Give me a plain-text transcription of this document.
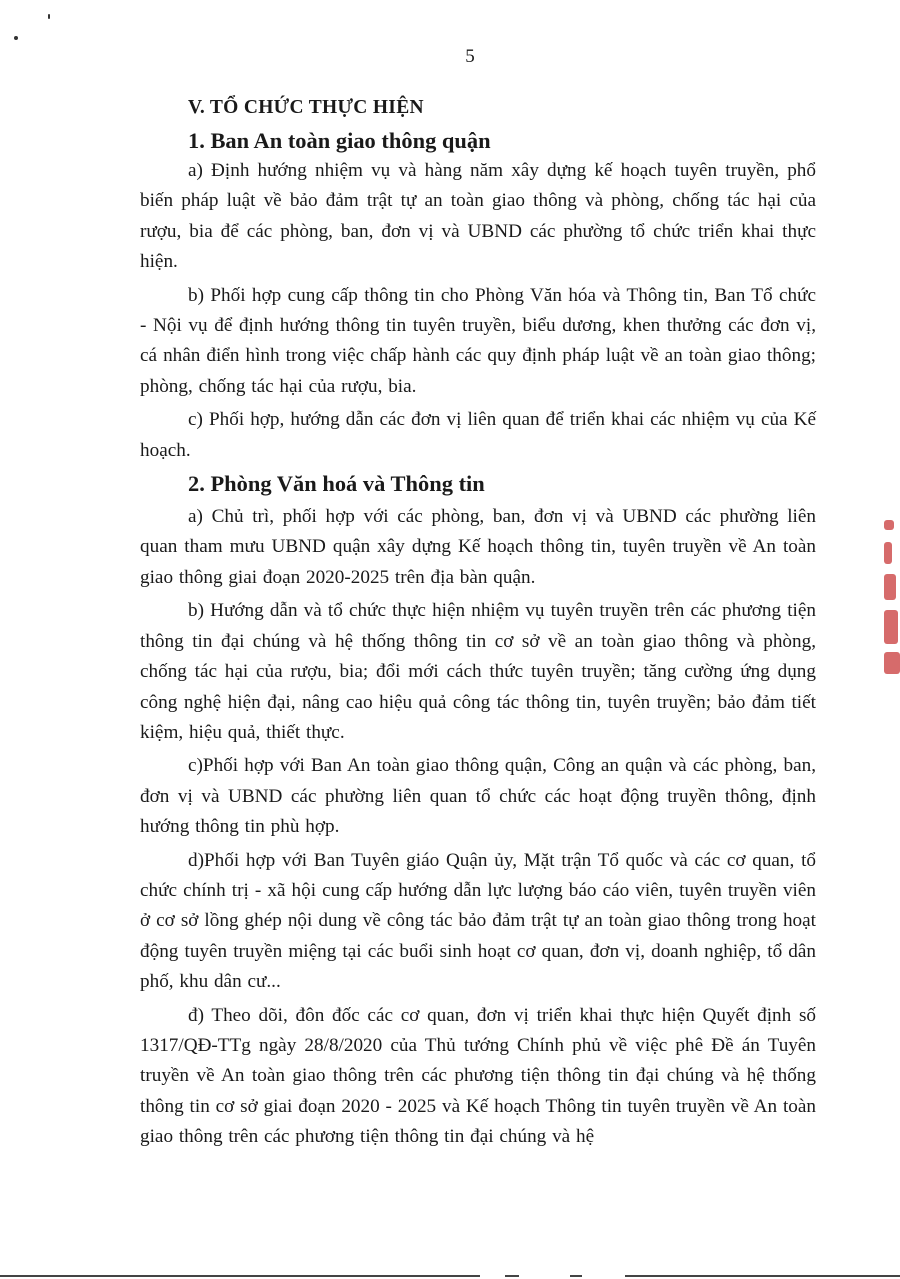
5
V. TỔ CHỨC THỰC HIỆN
1. Ban An toàn giao thông quận

a) Định hướng nhiệm vụ và hàng năm xây dựng kế hoạch tuyên truyền, phổ biến pháp luật về bảo đảm trật tự an toàn giao thông và phòng, chống tác hại của rượu, bia để các phòng, ban, đơn vị và UBND các phường tổ chức triển khai thực hiện.

b) Phối hợp cung cấp thông tin cho Phòng Văn hóa và Thông tin, Ban Tổ chức - Nội vụ để định hướng thông tin tuyên truyền, biểu dương, khen thưởng các đơn vị, cá nhân điển hình trong việc chấp hành các quy định pháp luật về an toàn giao thông; phòng, chống tác hại của rượu, bia.

c) Phối hợp, hướng dẫn các đơn vị liên quan để triển khai các nhiệm vụ của Kế hoạch.

2. Phòng Văn hoá và Thông tin

a) Chủ trì, phối hợp với các phòng, ban, đơn vị và UBND các phường liên quan tham mưu UBND quận xây dựng Kế hoạch thông tin, tuyên truyền về An toàn giao thông giai đoạn 2020-2025 trên địa bàn quận.

b) Hướng dẫn và tổ chức thực hiện nhiệm vụ tuyên truyền trên các phương tiện thông tin đại chúng và hệ thống thông tin cơ sở về an toàn giao thông và phòng, chống tác hại của rượu, bia; đổi mới cách thức tuyên truyền; tăng cường ứng dụng công nghệ hiện đại, nâng cao hiệu quả công tác thông tin, tuyên truyền; bảo đảm tiết kiệm, hiệu quả, thiết thực.

c)Phối hợp với Ban An toàn giao thông quận, Công an quận và các phòng, ban, đơn vị và UBND các phường liên quan tổ chức các hoạt động truyền thông, định hướng thông tin phù hợp.

d)Phối hợp với Ban Tuyên giáo Quận ủy, Mặt trận Tổ quốc và các cơ quan, tổ chức chính trị - xã hội cung cấp hướng dẫn lực lượng báo cáo viên, tuyên truyền viên ở cơ sở lồng ghép nội dung về công tác bảo đảm trật tự an toàn giao thông trong hoạt động tuyên truyền miệng tại các buổi sinh hoạt cơ quan, đơn vị, doanh nghiệp, tổ dân phố, khu dân cư...

đ) Theo dõi, đôn đốc các cơ quan, đơn vị triển khai thực hiện Quyết định số 1317/QĐ-TTg ngày 28/8/2020 của Thủ tướng Chính phủ về việc phê Đề án Tuyên truyền về An toàn giao thông trên các phương tiện thông tin đại chúng và hệ thống thông tin cơ sở giai đoạn 2020 - 2025 và Kế hoạch Thông tin tuyên truyền về An toàn giao thông trên các phương tiện thông tin đại chúng và hệ
